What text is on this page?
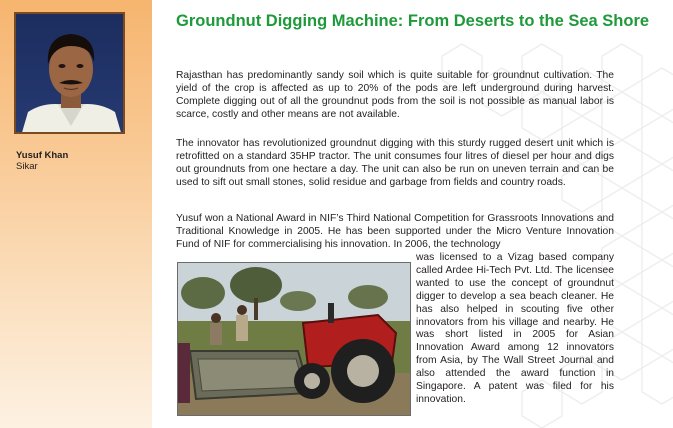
Yusuf Khan
Sikar
Groundnut Digging Machine: From Deserts to the Sea Shore

Rajasthan has predominantly sandy soil which is quite suitable for groundnut cultivation. The yield of the crop is affected as up to 20% of the pods are left underground during harvest. Complete digging out of all the groundnut pods from the soil is not possible as manual labor is scarce, costly and other means are not available.

The innovator has revolutionized groundnut digging with this sturdy rugged desert unit which is retrofitted on a standard 35HP tractor. The unit consumes four litres of diesel per hour and digs out groundnuts from one hectare a day. The unit can also be run on uneven terrain and can be used to sift out small stones, solid residue and garbage from fields and country roads.

Yusuf won a National Award in NIF’s Third National Competition for Grassroots Innovations and Traditional Knowledge in 2005. He has been supported under the Micro Venture Innovation Fund of NIF for commercialising his innovation. In 2006, the technology

was licensed to a Vizag based company called Ardee Hi-Tech Pvt. Ltd. The licensee wanted to use the concept of groundnut digger to develop a sea beach cleaner. He has also helped in scouting five other innovators from his village and nearby. He was short listed in 2005 for Asian Innovation Award among 12 innovators from Asia, by The Wall Street Journal and also attended the award function in Singapore. A patent was filed for his innovation.
